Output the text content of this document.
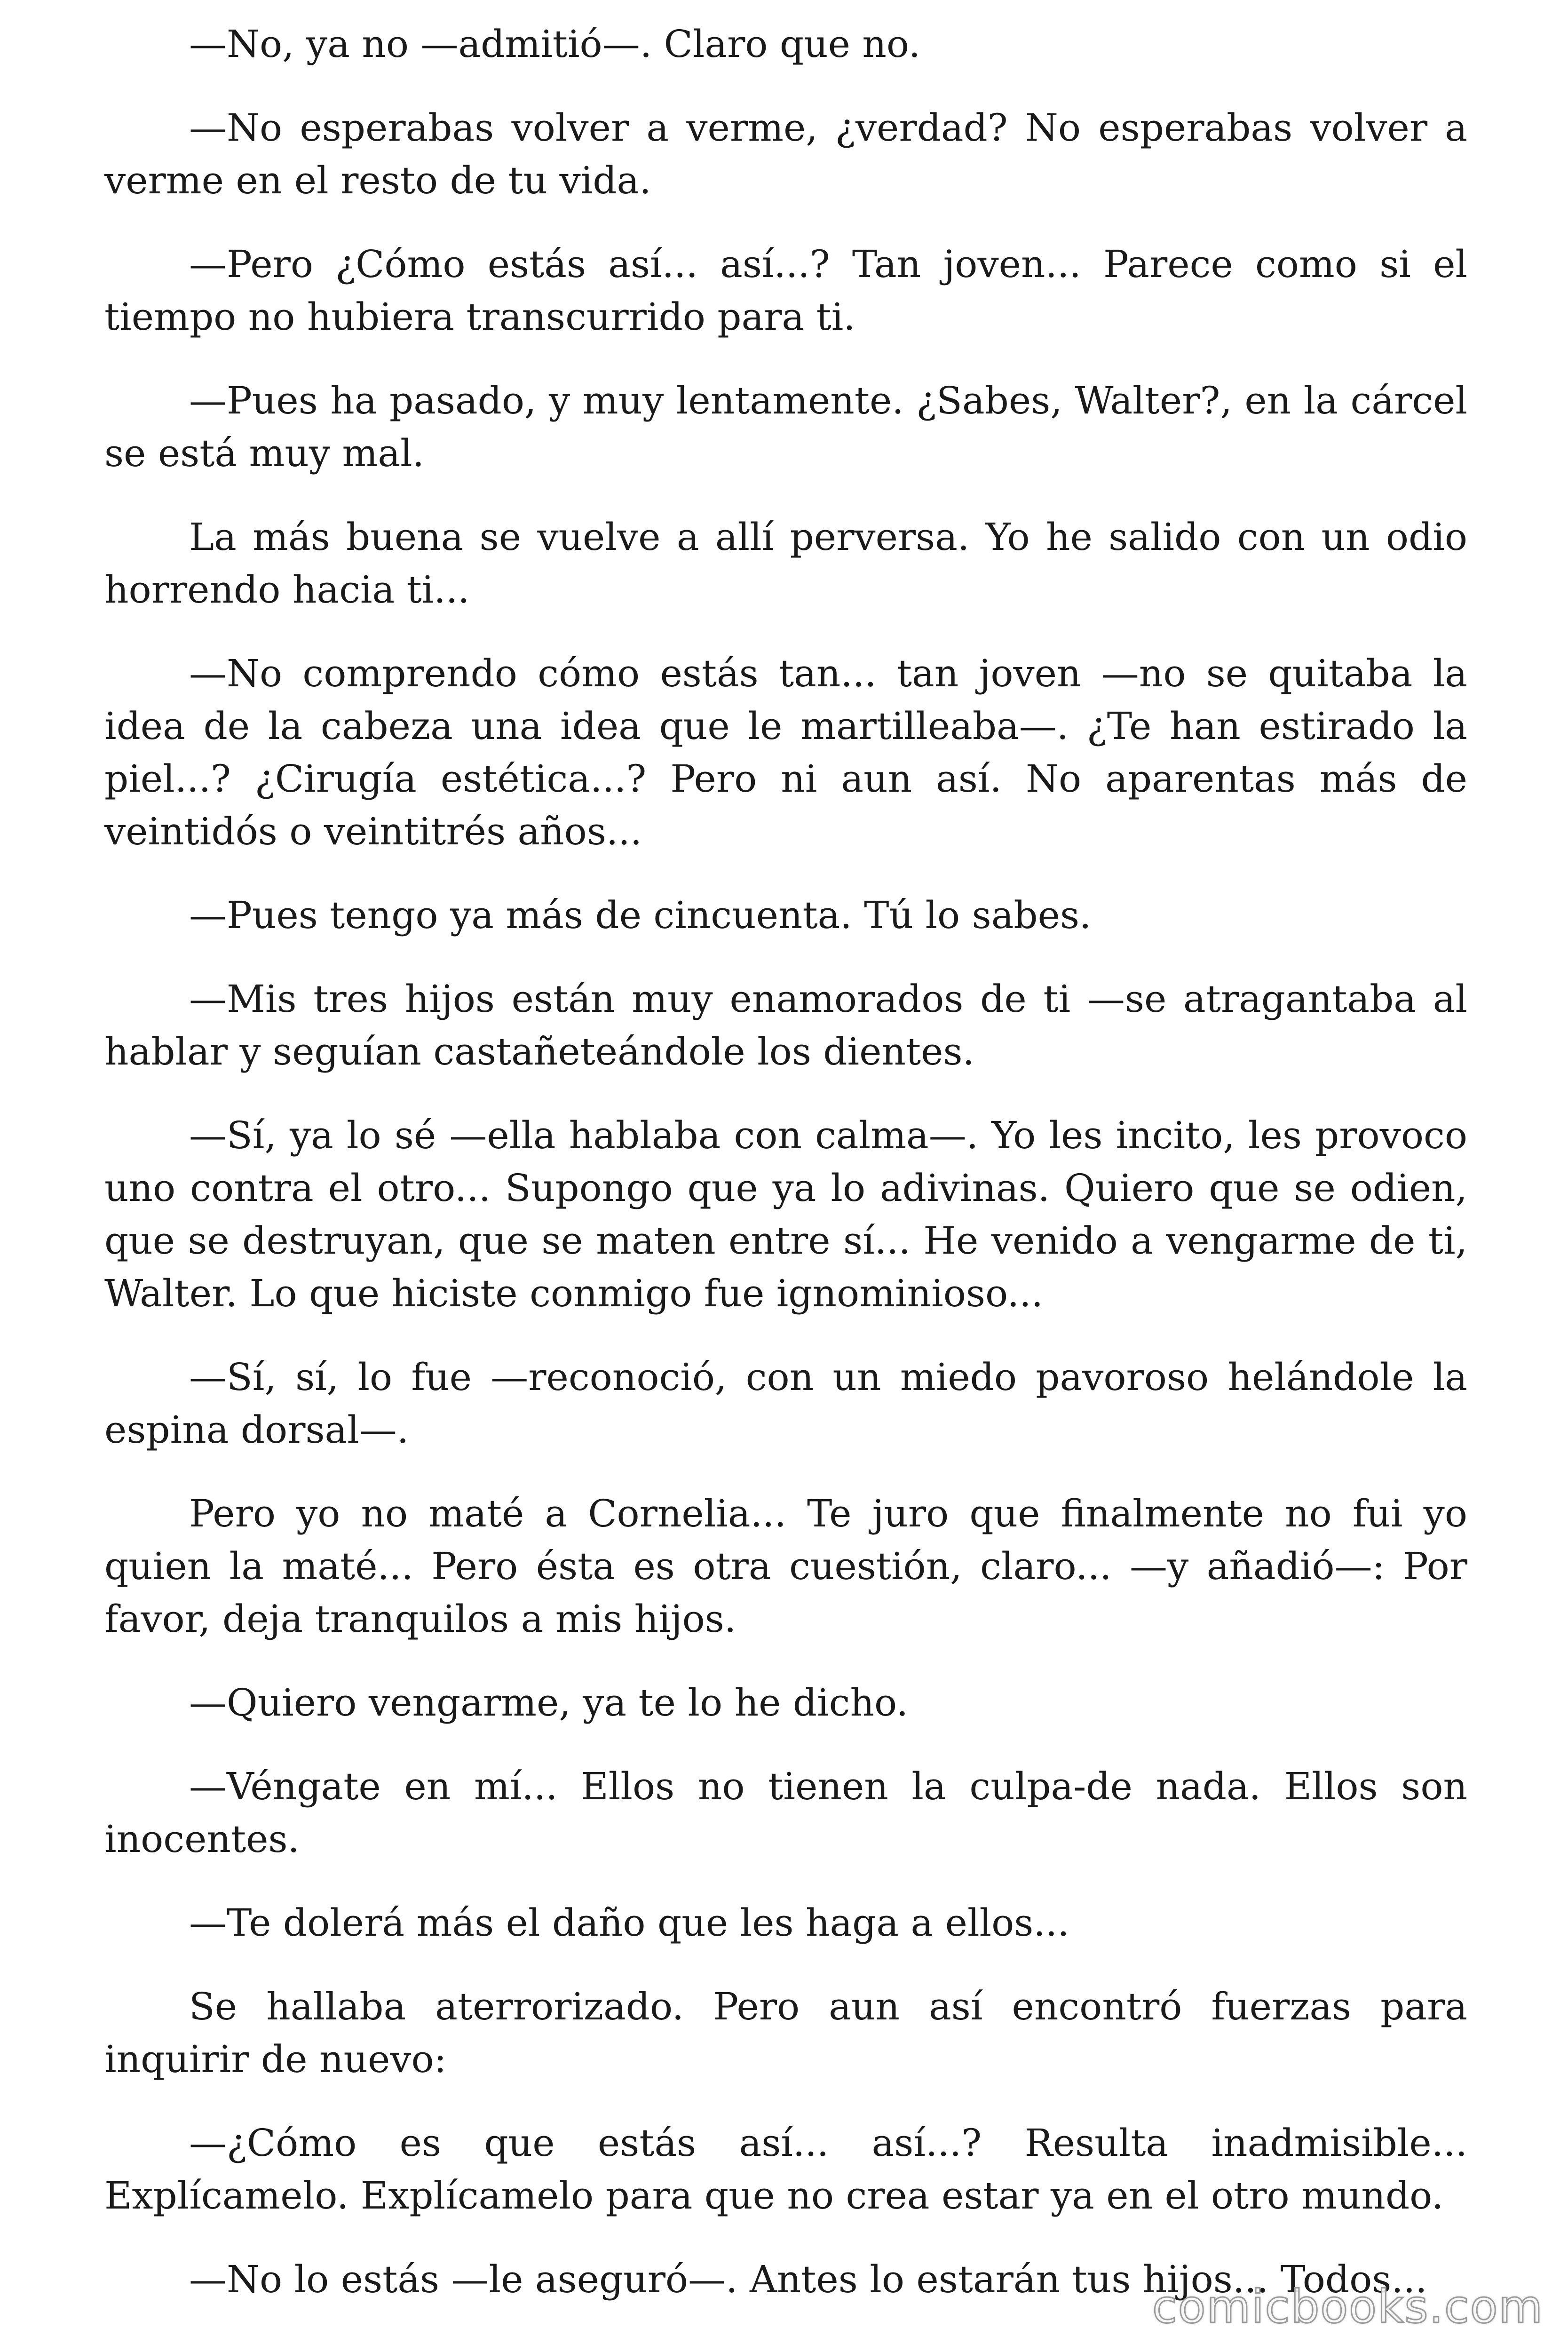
—No, ya no —admitió—. Claro que no.

—No esperabas volver a verme, ¿verdad? No esperabas volver a verme en el resto de tu vida.

—Pero ¿Cómo estás así... así...? Tan joven... Parece como si el tiempo no hubiera transcurrido para ti.

—Pues ha pasado, y muy lentamente. ¿Sabes, Walter?, en la cárcel se está muy mal.

La más buena se vuelve a allí perversa. Yo he salido con un odio horrendo hacia ti...

—No comprendo cómo estás tan... tan joven —no se quitaba la idea de la cabeza una idea que le martilleaba—. ¿Te han estirado la piel...? ¿Cirugía estética...? Pero ni aun así. No aparentas más de veintidós o veintitrés años...

—Pues tengo ya más de cincuenta. Tú lo sabes.

—Mis tres hijos están muy enamorados de ti —se atragantaba al hablar y seguían castañeteándole los dientes.

—Sí, ya lo sé —ella hablaba con calma—. Yo les incito, les provoco uno contra el otro... Supongo que ya lo adivinas. Quiero que se odien, que se destruyan, que se maten entre sí... He venido a vengarme de ti, Walter. Lo que hiciste conmigo fue ignominioso...

—Sí, sí, lo fue —reconoció, con un miedo pavoroso helándole la espina dorsal—.

Pero yo no maté a Cornelia... Te juro que finalmente no fui yo quien la maté... Pero ésta es otra cuestión, claro... —y añadió—: Por favor, deja tranquilos a mis hijos.

—Quiero vengarme, ya te lo he dicho.

—Véngate en mí... Ellos no tienen la culpa-de nada. Ellos son inocentes.

—Te dolerá más el daño que les haga a ellos...

Se hallaba aterrorizado. Pero aun así encontró fuerzas para inquirir de nuevo:

—¿Cómo es que estás así... así...? Resulta inadmisible... Explícamelo. Explícamelo para que no crea estar ya en el otro mundo.

—No lo estás —le aseguró—. Antes lo estarán tus hijos... Todos...

comicbooks.com
